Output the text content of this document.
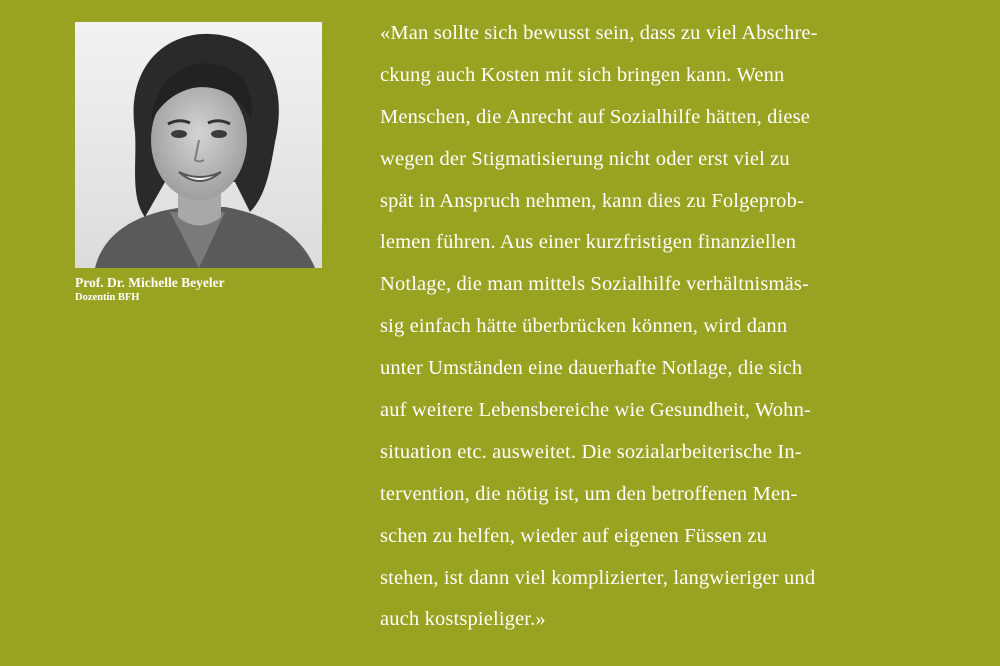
Prof. Dr. Michelle Beyeler
Dozentin BFH
«Man sollte sich bewusst sein, dass zu viel Abschre-
ckung auch Kosten mit sich bringen kann. Wenn
Menschen, die Anrecht auf Sozialhilfe hätten, diese
wegen der Stigmatisierung nicht oder erst viel zu
spät in Anspruch nehmen, kann dies zu Folgeprob-
lemen führen. Aus einer kurzfristigen finanziellen
Notlage, die man mittels Sozialhilfe verhältnismäs-
sig einfach hätte überbrücken können, wird dann
unter Umständen eine dauerhafte Notlage, die sich
auf weitere Lebensbereiche wie Gesundheit, Wohn-
situation etc. ausweitet. Die sozialarbeiterische In-
tervention, die nötig ist, um den betroffenen Men-
schen zu helfen, wieder auf eigenen Füssen zu
stehen, ist dann viel komplizierter, langwieriger und
auch kostspieliger.»
